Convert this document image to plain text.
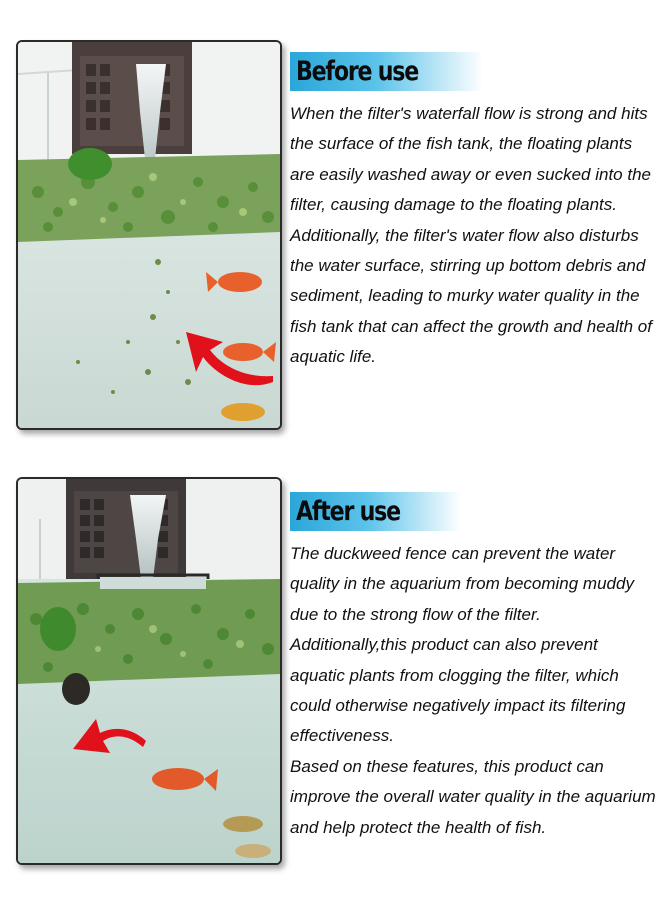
Before use

When the filter's waterfall flow is strong and hits the surface of the fish tank, the floating plants are easily washed away or even sucked into the filter, causing damage to the floating plants. Additionally, the filter's water flow also disturbs the water surface, stirring up bottom debris and sediment, leading to murky water quality in the fish tank that can affect the growth and health of aquatic life.

After use

The duckweed fence can prevent the water quality in the aquarium from becoming muddy due to the strong flow of the filter.
Additionally,this product can also prevent aquatic plants from clogging the filter, which could otherwise negatively impact its filtering effectiveness.
Based on these features, this product can improve the overall water quality in the aquarium and help protect the health of fish.
